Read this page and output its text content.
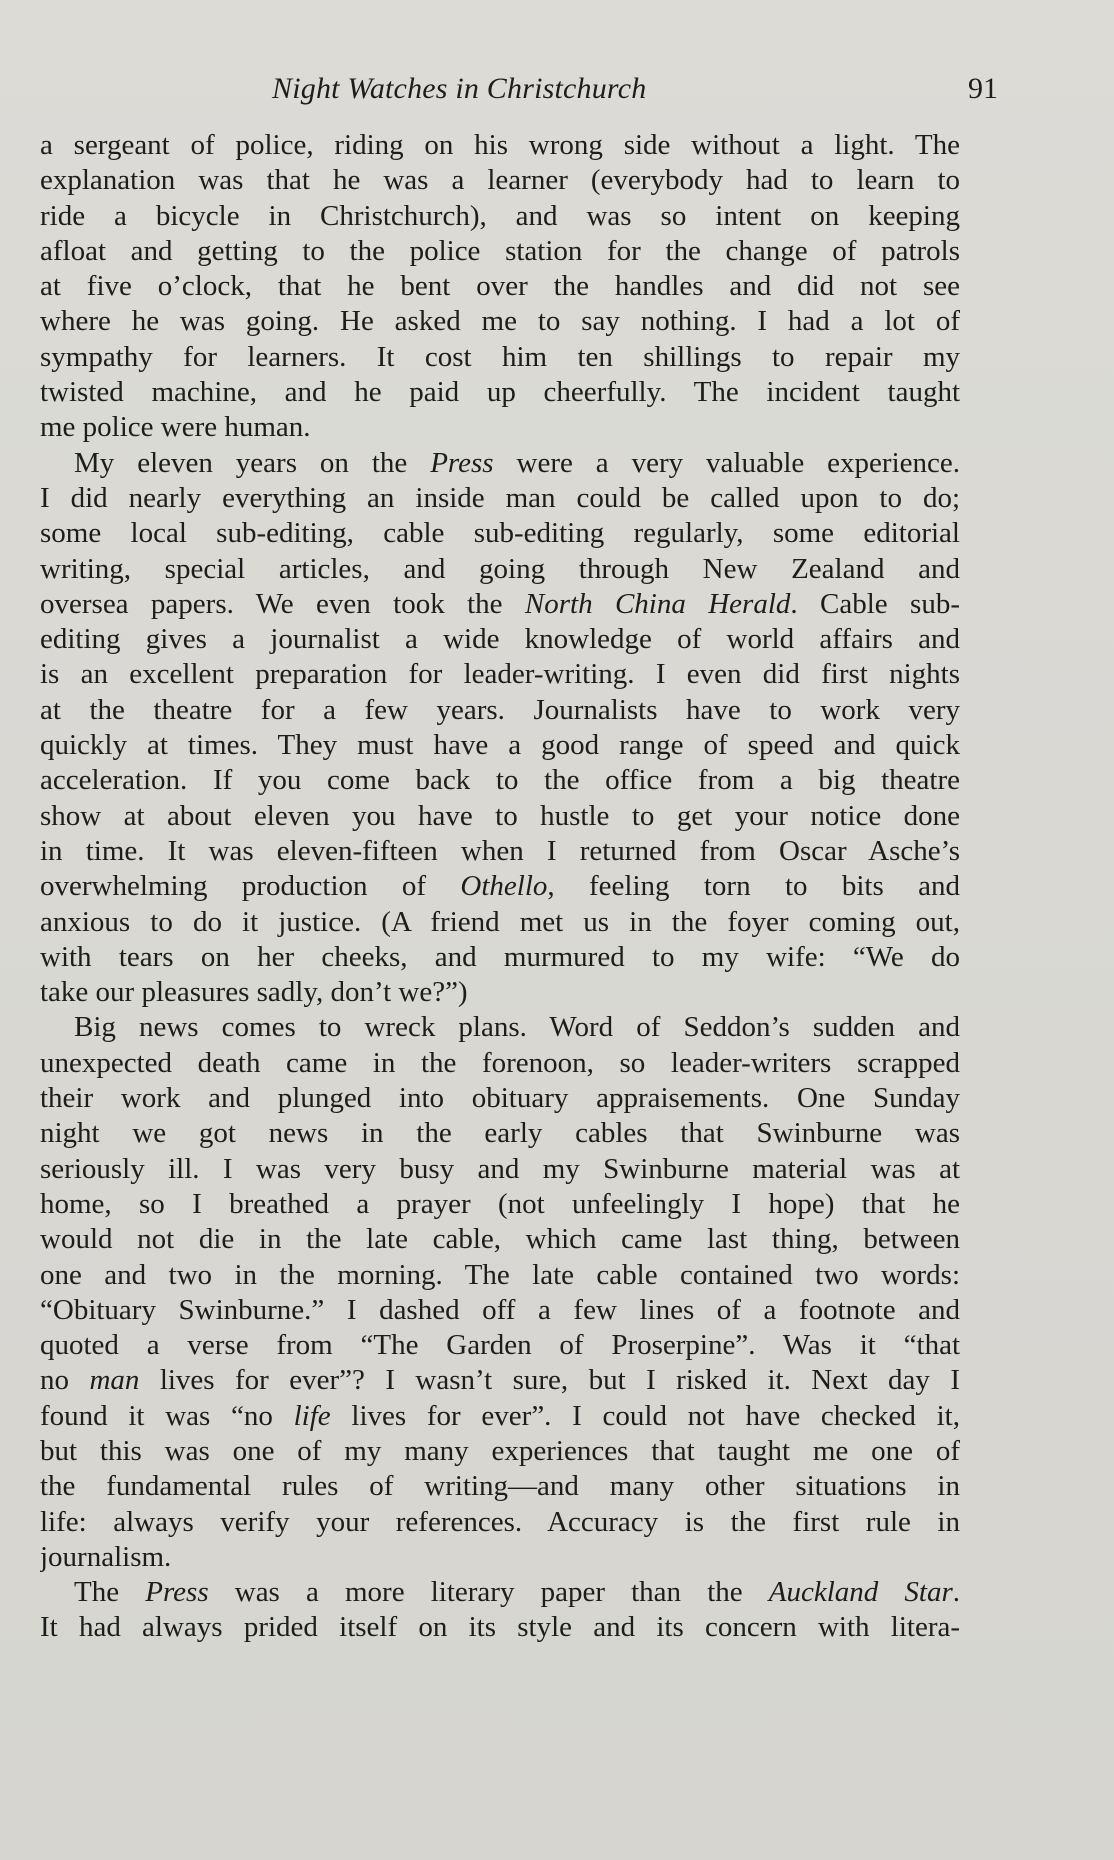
Night Watches in Christchurch	91
a sergeant of police, riding on his wrong side without a light. The
explanation was that he was a learner (everybody had to learn to
ride a bicycle in Christchurch), and was so intent on keeping
afloat and getting to the police station for the change of patrols
at five o’clock, that he bent over the handles and did not see
where he was going. He asked me to say nothing. I had a lot of
sympathy for learners. It cost him ten shillings to repair my
twisted machine, and he paid up cheerfully. The incident taught
me police were human.
My eleven years on the Press were a very valuable experience.
I did nearly everything an inside man could be called upon to do;
some local sub-editing, cable sub-editing regularly, some editorial
writing, special articles, and going through New Zealand and
oversea papers. We even took the North China Herald. Cable sub-
editing gives a journalist a wide knowledge of world affairs and
is an excellent preparation for leader-writing. I even did first nights
at the theatre for a few years. Journalists have to work very
quickly at times. They must have a good range of speed and quick
acceleration. If you come back to the office from a big theatre
show at about eleven you have to hustle to get your notice done
in time. It was eleven-fifteen when I returned from Oscar Asche’s
overwhelming production of Othello, feeling torn to bits and
anxious to do it justice. (A friend met us in the foyer coming out,
with tears on her cheeks, and murmured to my wife: “We do
take our pleasures sadly, don’t we?”)
Big news comes to wreck plans. Word of Seddon’s sudden and
unexpected death came in the forenoon, so leader-writers scrapped
their work and plunged into obituary appraisements. One Sunday
night we got news in the early cables that Swinburne was
seriously ill. I was very busy and my Swinburne material was at
home, so I breathed a prayer (not unfeelingly I hope) that he
would not die in the late cable, which came last thing, between
one and two in the morning. The late cable contained two words:
“Obituary Swinburne.” I dashed off a few lines of a footnote and
quoted a verse from “The Garden of Proserpine”. Was it “that
no man lives for ever”? I wasn’t sure, but I risked it. Next day I
found it was “no life lives for ever”. I could not have checked it,
but this was one of my many experiences that taught me one of
the fundamental rules of writing—and many other situations in
life: always verify your references. Accuracy is the first rule in
journalism.
The Press was a more literary paper than the Auckland Star.
It had always prided itself on its style and its concern with litera-
